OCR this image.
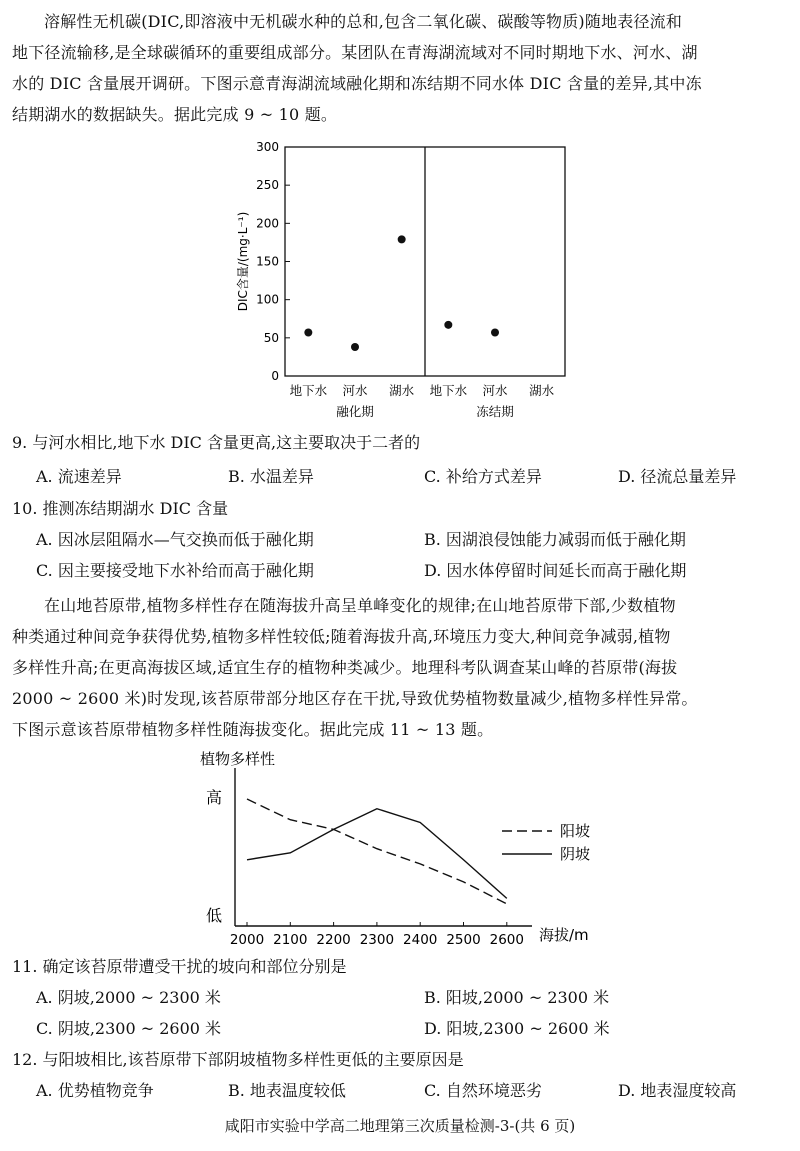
溶解性无机碳(DIC,即溶液中无机碳水种的总和,包含二氧化碳、碳酸等物质)随地表径流和
地下径流输移,是全球碳循环的重要组成部分。某团队在青海湖流域对不同时期地下水、河水、湖
水的 DIC 含量展开调研。下图示意青海湖流域融化期和冻结期不同水体 DIC 含量的差异,其中冻
结期湖水的数据缺失。据此完成 9 ~ 10 题。
0
50
100
150
200
250
300
DIC含量/(mg·L⁻¹)
地下水 河水 湖水
融化期
地下水 河水 湖水
冻结期
9. 与河水相比,地下水 DIC 含量更高,这主要取决于二者的
A. 流速差异	B. 水温差异	C. 补给方式差异	D. 径流总量差异
10. 推测冻结期湖水 DIC 含量
A. 因冰层阻隔水—气交换而低于融化期	B. 因湖浪侵蚀能力减弱而低于融化期
C. 因主要接受地下水补给而高于融化期	D. 因水体停留时间延长而高于融化期
在山地苔原带,植物多样性存在随海拔升高呈单峰变化的规律;在山地苔原带下部,少数植物
种类通过种间竞争获得优势,植物多样性较低;随着海拔升高,环境压力变大,种间竞争减弱,植物
多样性升高;在更高海拔区域,适宜生存的植物种类减少。地理科考队调查某山峰的苔原带(海拔
2000 ~ 2600 米)时发现,该苔原带部分地区存在干扰,导致优势植物数量减少,植物多样性异常。
下图示意该苔原带植物多样性随海拔变化。据此完成 11 ~ 13 题。
植物多样性
高
低
2000 2100 2200 2300 2400 2500 2600 海拔/m
阳坡
阴坡
11. 确定该苔原带遭受干扰的坡向和部位分别是
A. 阴坡,2000 ~ 2300 米	B. 阳坡,2000 ~ 2300 米
C. 阴坡,2300 ~ 2600 米	D. 阳坡,2300 ~ 2600 米
12. 与阳坡相比,该苔原带下部阴坡植物多样性更低的主要原因是
A. 优势植物竞争	B. 地表温度较低	C. 自然环境恶劣	D. 地表湿度较高
咸阳市实验中学高二地理第三次质量检测-3-(共 6 页)
